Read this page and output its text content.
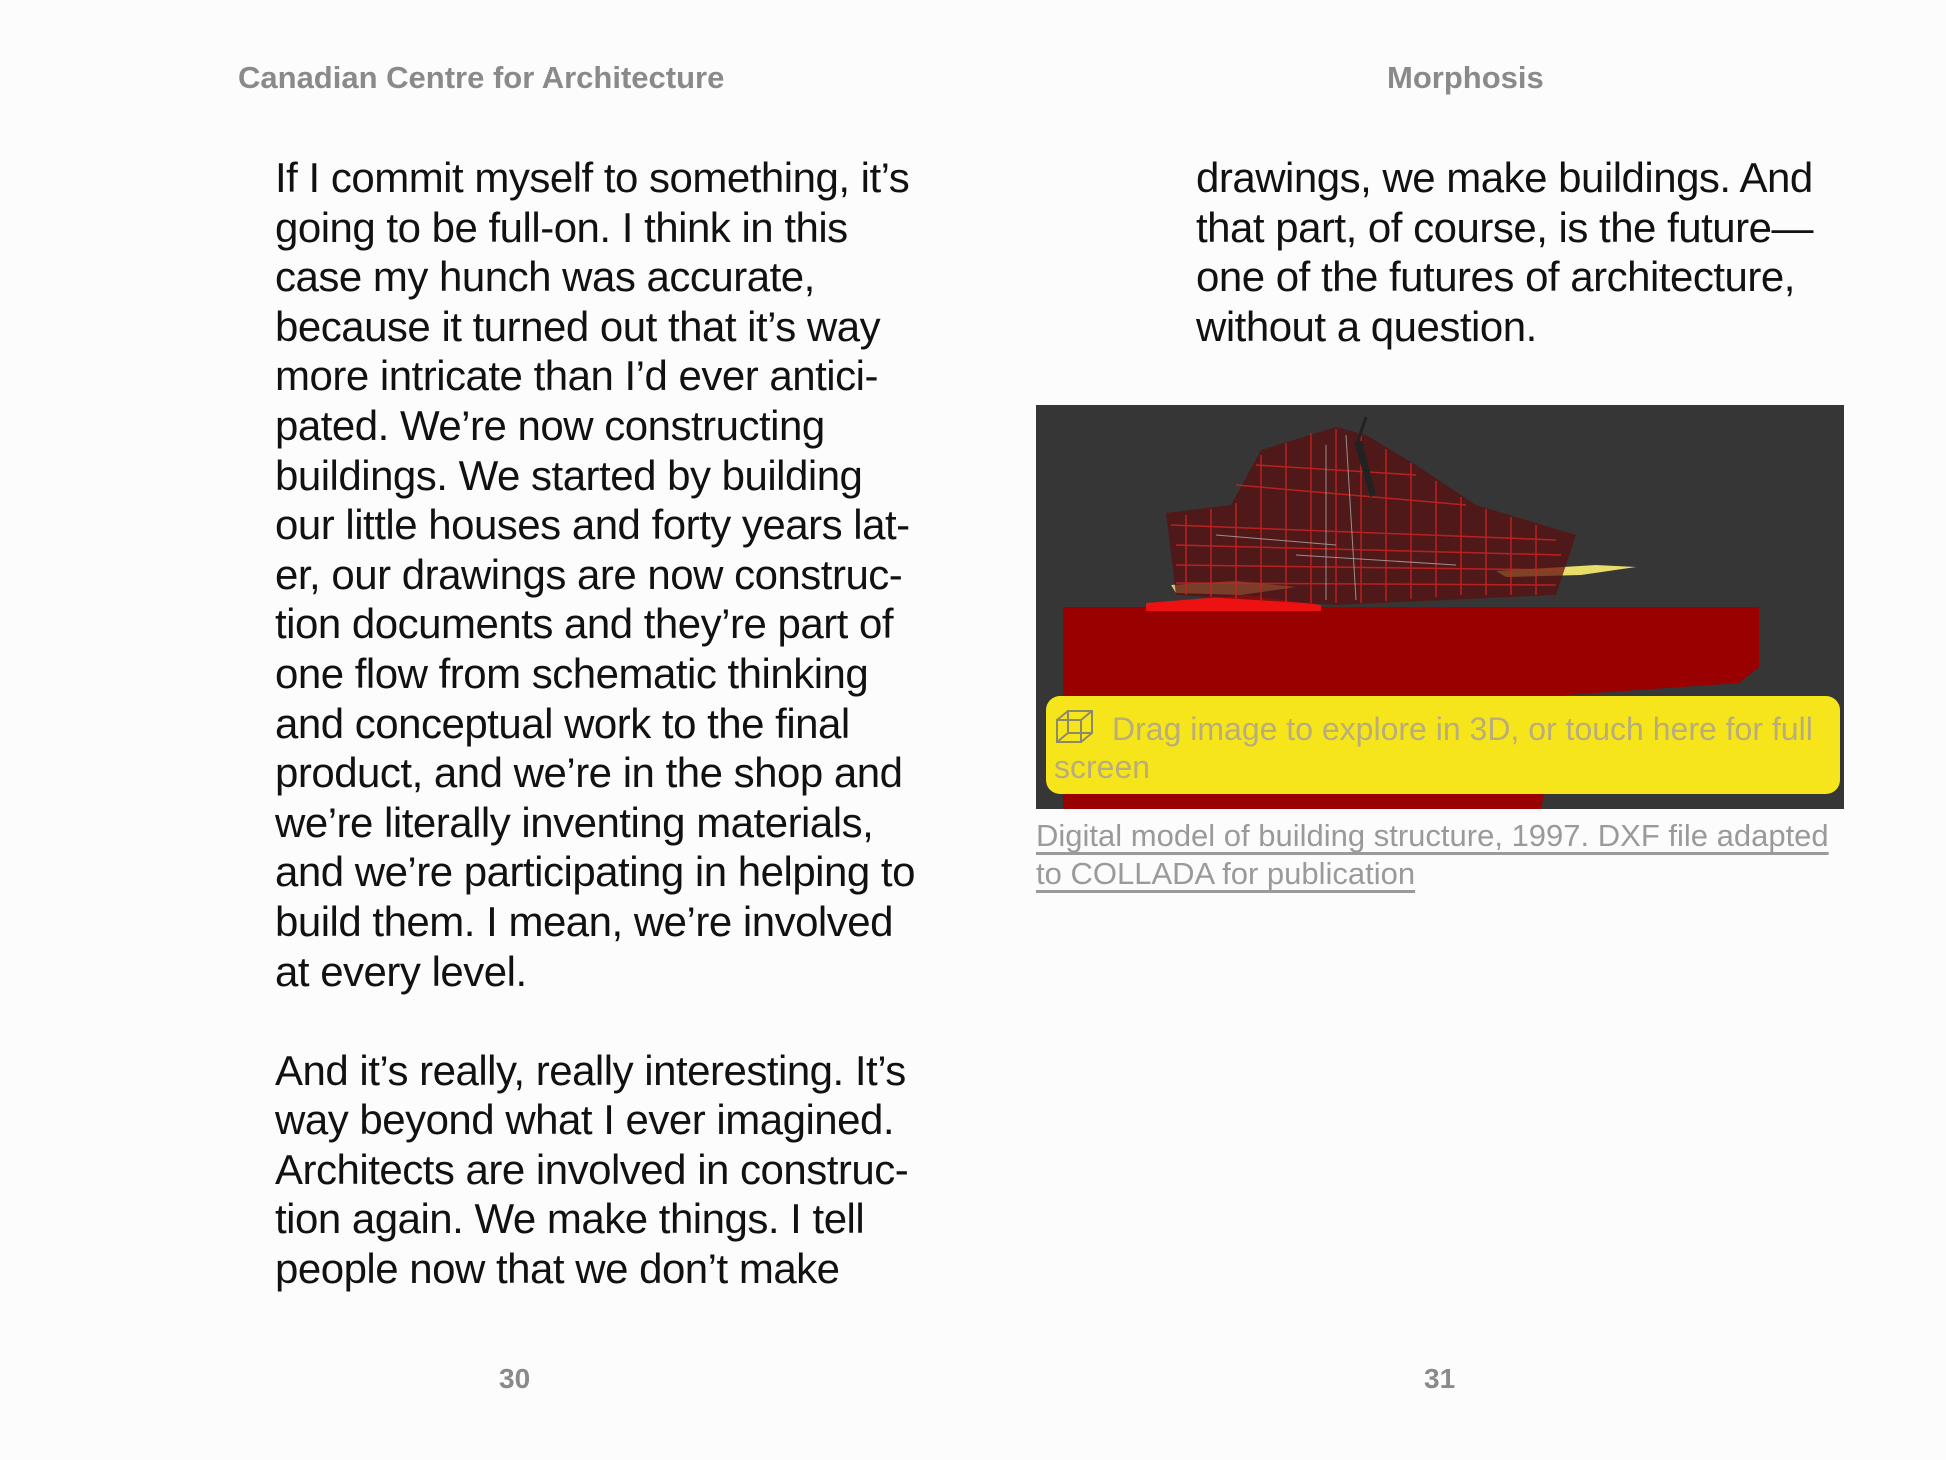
Canadian Centre for Architecture	Morphosis
If I commit myself to something, it’s
going to be full-on. I think in this
case my hunch was accurate,
because it turned out that it’s way
more intricate than I’d ever antici-
pated. We’re now constructing
buildings. We started by building
our little houses and forty years lat-
er, our drawings are now construc-
tion documents and they’re part of
one flow from schematic thinking
and conceptual work to the final
product, and we’re in the shop and
we’re literally inventing materials,
and we’re participating in helping to
build them. I mean, we’re involved
at every level.
And it’s really, really interesting. It’s
way beyond what I ever imagined.
Architects are involved in construc-
tion again. We make things. I tell
people now that we don’t make
drawings, we make buildings. And
that part, of course, is the future—
one of the futures of architecture,
without a question.
Drag image to explore in 3D, or touch here for full screen
Digital model of building structure, 1997. DXF file adapted
to COLLADA for publication
30	31
